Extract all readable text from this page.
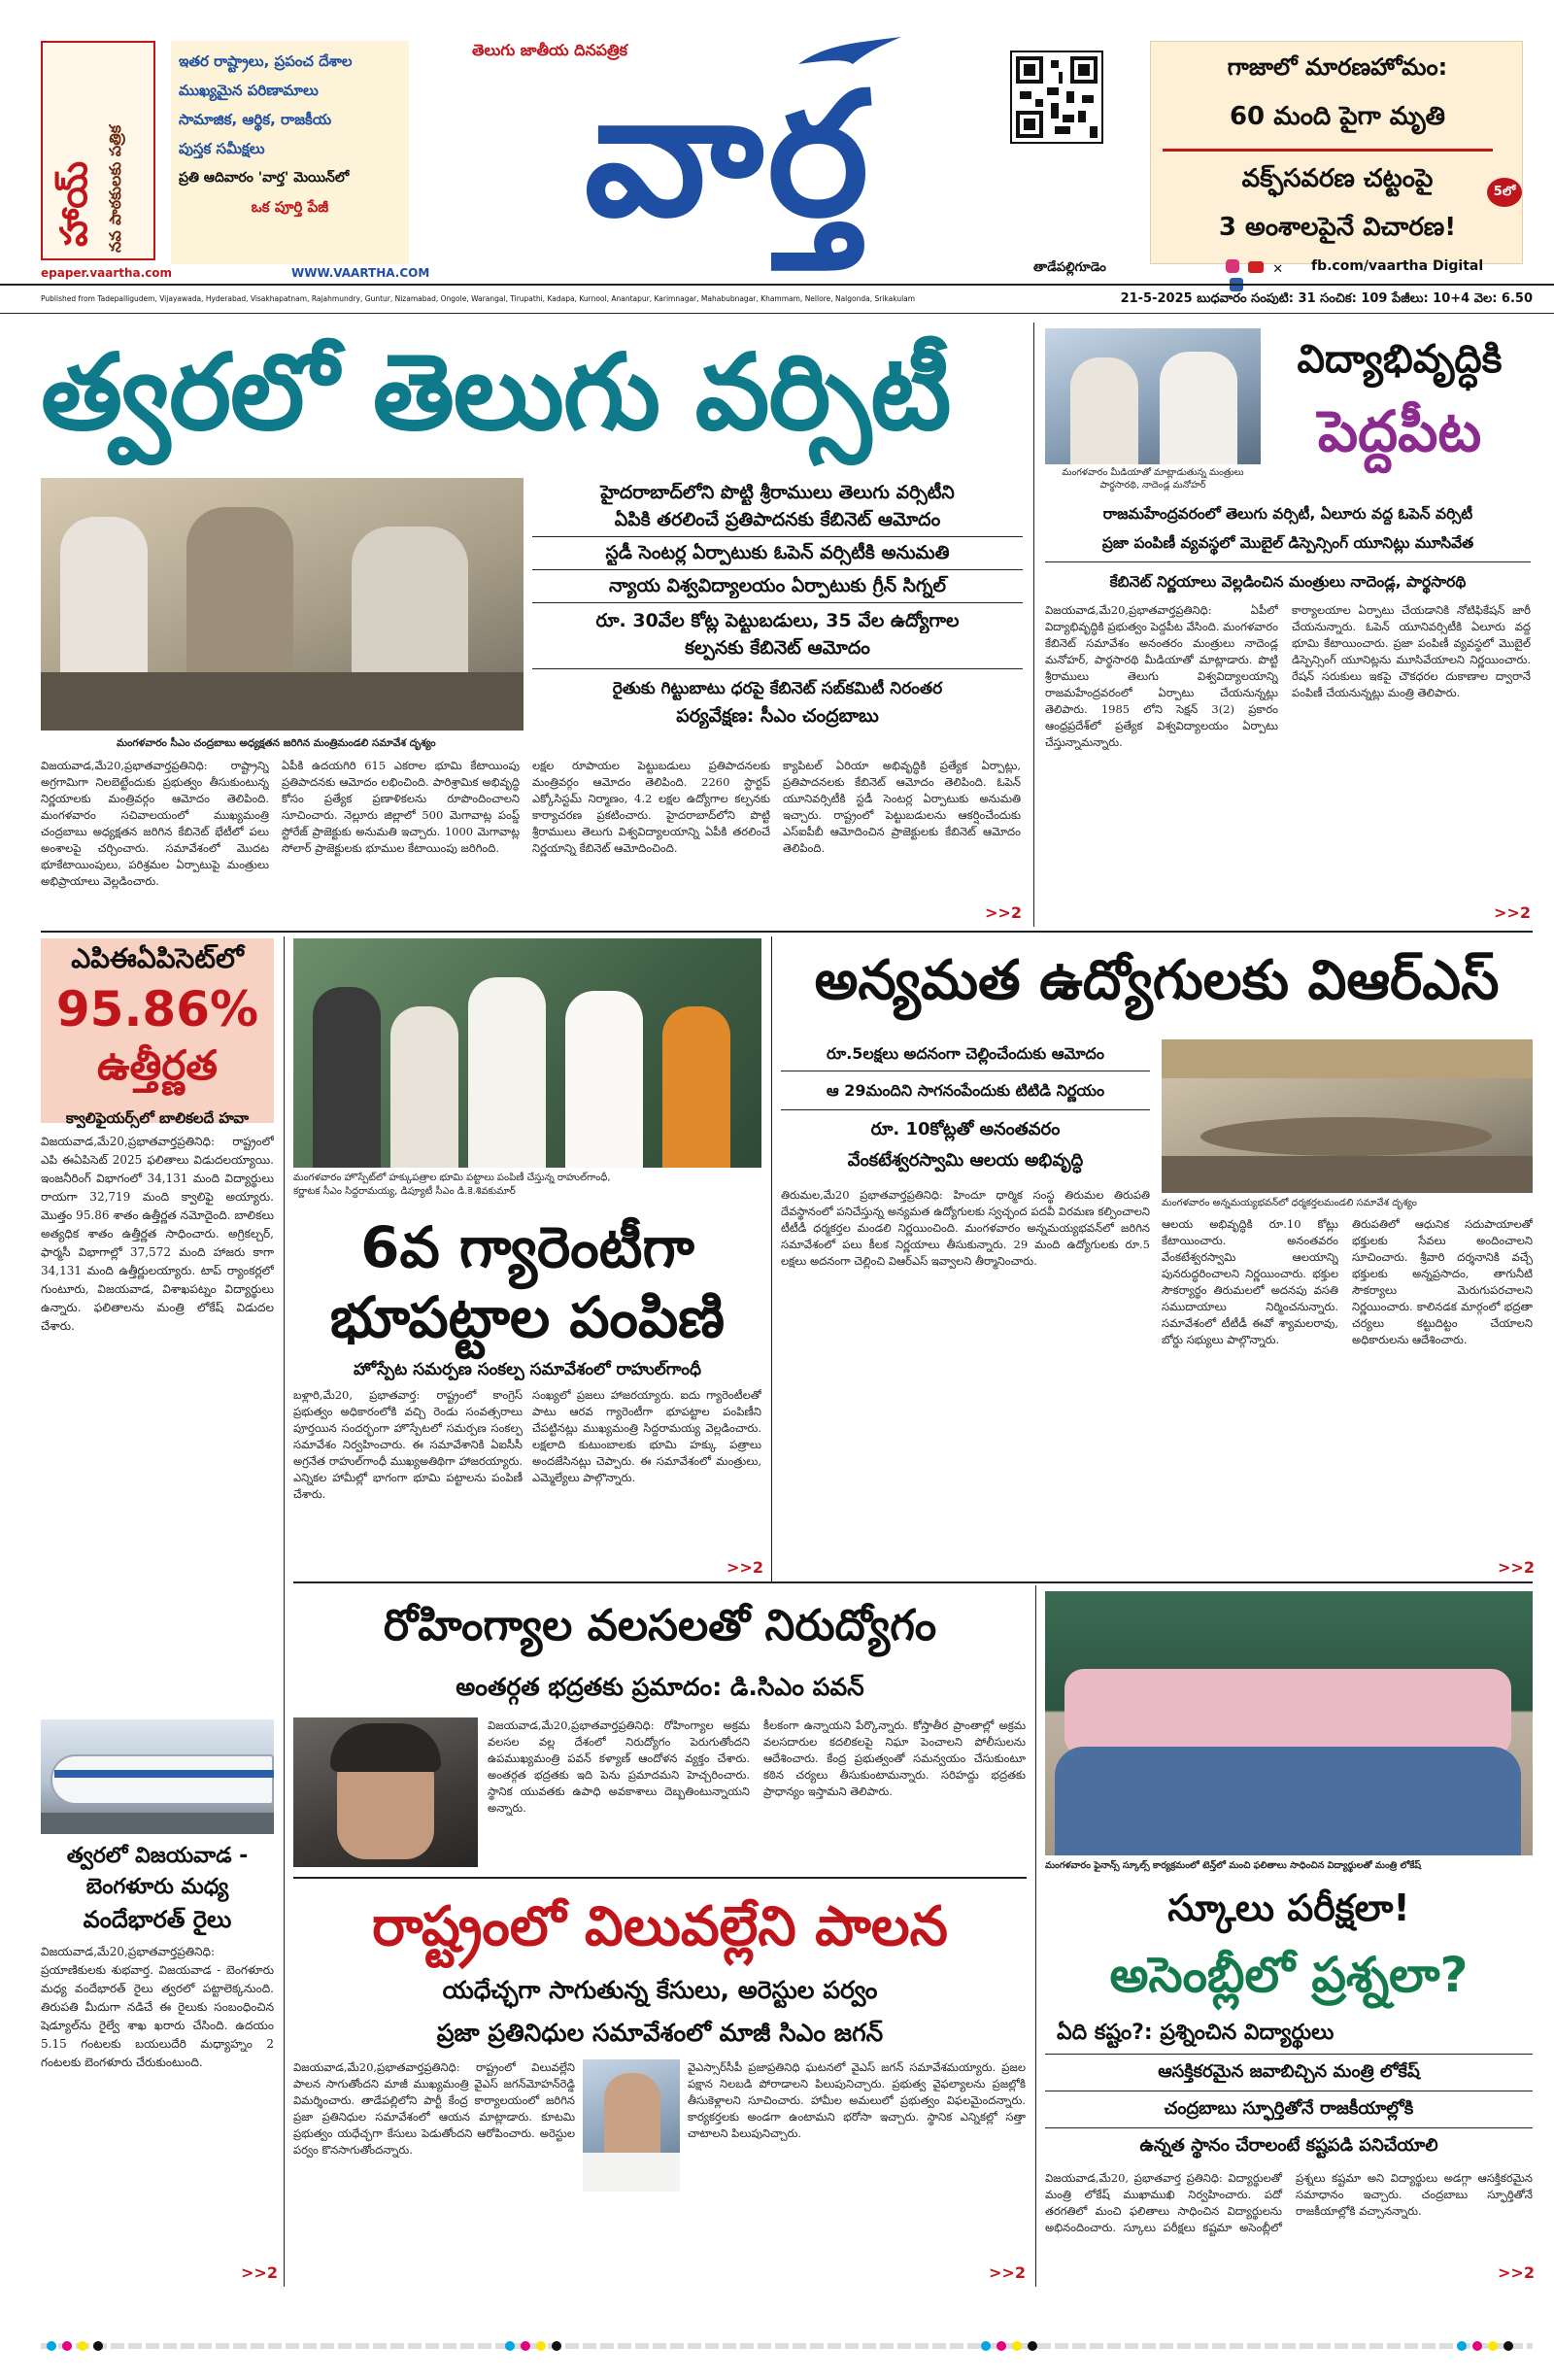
హాయ్‌ నవ పాఠకులకు పత్రిక
ఇతర రాష్ట్రాలు, ప్రపంచ దేశాల
ముఖ్యమైన పరిణామాలు
సామాజిక, ఆర్థిక, రాజకీయ
పుస్తక సమీక్షలు
ప్రతి ఆదివారం 'వార్త' మెయిన్‌లో
ఒక పూర్తి పేజీ
తెలుగు జాతీయ దినపత్రిక
వార్త	గాజాలో మారణహోమం:
60 మంది పైగా మృతి
5లో
వక్ఫ్‌సవరణ చట్టంపై
3 అంశాలపైనే విచారణ!
epaper.vaartha.com	WWW.VAARTHA.COM	తాడేపల్లిగూడెం	✕	fb.com/vaartha Digital
Published from Tadepalligudem, Vijayawada, Hyderabad, Visakhapatnam, Rajahmundry, Guntur, Nizamabad, Ongole, Warangal, Tirupathi, Kadapa, Kurnool, Anantapur, Karimnagar, Mahabubnagar, Khammam, Nellore, Nalgonda, Srikakulam	21-5-2025 బుధవారం సంపుటి: 31 సంచిక: 109 పేజీలు: 10+4 వెల: 6.50
త్వరలో తెలుగు వర్సిటీ
మంగళవారం సీఎం చంద్రబాబు అధ్యక్షతన జరిగిన మంత్రిమండలి సమావేశ దృశ్యం
హైదరాబాద్‌లోని పొట్టి శ్రీరాములు తెలుగు వర్సిటీని
ఏపికి తరలించే ప్రతిపాదనకు కేబినెట్‌ ఆమోదం
స్టడీ సెంటర్ల ఏర్పాటుకు ఓపెన్‌ వర్సిటీకి అనుమతి
న్యాయ విశ్వవిద్యాలయం ఏర్పాటుకు గ్రీన్‌ సిగ్నల్‌
రూ. 30వేల కోట్ల పెట్టుబడులు, 35 వేల ఉద్యోగాల
కల్పనకు కేబినెట్‌ ఆమోదం
రైతుకు గిట్టుబాటు ధరపై కేబినెట్‌ సబ్‌కమిటీ నిరంతర
పర్యవేక్షణ: సీఎం చంద్రబాబు
విజయవాడ,మే20,ప్రభాతవార్తప్రతినిధి: రాష్ట్రాన్ని అగ్రగామిగా నిలబెట్టేందుకు ప్రభుత్వం తీసుకుంటున్న నిర్ణయాలకు మంత్రివర్గం ఆమోదం తెలిపింది. మంగళవారం సచివాలయంలో ముఖ్యమంత్రి చంద్రబాబు అధ్యక్షతన జరిగిన కేబినెట్‌ భేటీలో పలు అంశాలపై చర్చించారు. సమావేశంలో మొదట భూకేటాయింపులు, పరిశ్రమల ఏర్పాటుపై మంత్రులు అభిప్రాయాలు వెల్లడించారు.
ఏపీకి ఉదయగిరి 615 ఎకరాల భూమి కేటాయింపు ప్రతిపాదనకు ఆమోదం లభించింది. పారిశ్రామిక అభివృద్ధి కోసం ప్రత్యేక ప్రణాళికలను రూపొందించాలని సూచించారు. నెల్లూరు జిల్లాలో 500 మెగావాట్ల పంప్డ్‌ స్టోరేజ్‌ ప్రాజెక్టుకు అనుమతి ఇచ్చారు. 1000 మెగావాట్ల సోలార్‌ ప్రాజెక్టులకు భూముల కేటాయింపు జరిగింది.
లక్షల రూపాయల పెట్టుబడులు ప్రతిపాదనలకు మంత్రివర్గం ఆమోదం తెలిపింది. 2260 స్టార్టప్‌ ఎక్కోసిస్టమ్‌ నిర్మాణం, 4.2 లక్షల ఉద్యోగాల కల్పనకు కార్యాచరణ ప్రకటించారు. హైదరాబాద్‌లోని పొట్టి శ్రీరాములు తెలుగు విశ్వవిద్యాలయాన్ని ఏపీకి తరలించే నిర్ణయాన్ని కేబినెట్‌ ఆమోదించింది.
క్యాపిటల్‌ ఏరియా అభివృద్ధికి ప్రత్యేక ఏర్పాట్లు, ప్రతిపాదనలకు కేబినెట్‌ ఆమోదం తెలిపింది. ఓపెన్‌ యూనివర్సిటీకి స్టడీ సెంటర్ల ఏర్పాటుకు అనుమతి ఇచ్చారు. రాష్ట్రంలో పెట్టుబడులను ఆకర్షించేందుకు ఎస్‌ఐపీబీ ఆమోదించిన ప్రాజెక్టులకు కేబినెట్‌ ఆమోదం తెలిపింది.
>>2
మంగళవారం మీడియాతో మాట్లాడుతున్న మంత్రులు పార్థసారథి, నాదెండ్ల మనోహర్‌
విద్యాభివృద్ధికి
పెద్దపీట
రాజమహేంద్రవరంలో తెలుగు వర్సిటీ, ఏలూరు వద్ద ఓపెన్‌ వర్సిటీ
ప్రజా పంపిణీ వ్యవస్థలో మొబైల్‌ డిస్పెన్సింగ్‌ యూనిట్లు మూసివేత
కేబినెట్‌ నిర్ణయాలు వెల్లడించిన మంత్రులు నాదెండ్ల, పార్థసారథి
విజయవాడ,మే20,ప్రభాతవార్తప్రతినిధి: ఏపీలో విద్యాభివృద్ధికి ప్రభుత్వం పెద్దపీట వేసింది. మంగళవారం కేబినెట్‌ సమావేశం అనంతరం మంత్రులు నాదెండ్ల మనోహర్‌, పార్థసారథి మీడియాతో మాట్లాడారు. పొట్టి శ్రీరాములు తెలుగు విశ్వవిద్యాలయాన్ని రాజమహేంద్రవరంలో ఏర్పాటు చేయనున్నట్లు తెలిపారు. 1985 లోని సెక్షన్‌ 3(2) ప్రకారం ఆంధ్రప్రదేశ్‌లో ప్రత్యేక విశ్వవిద్యాలయం ఏర్పాటు చేస్తున్నామన్నారు.
కార్యాలయాల ఏర్పాటు చేయడానికి నోటిఫికేషన్‌ జారీ చేయనున్నారు. ఓపెన్‌ యూనివర్సిటీకి ఏలూరు వద్ద భూమి కేటాయించారు. ప్రజా పంపిణీ వ్యవస్థలో మొబైల్‌ డిస్పెన్సింగ్‌ యూనిట్లను మూసివేయాలని నిర్ణయించారు. రేషన్‌ సరుకులు ఇకపై చౌకధరల దుకాణాల ద్వారానే పంపిణీ చేయనున్నట్లు మంత్రి తెలిపారు.
>>2
ఎపిఈఏపిసెట్‌లో
95.86%
ఉత్తీర్ణత
క్వాలిఫైయర్స్‌లో బాలికలదే హవా
విజయవాడ,మే20,ప్రభాతవార్తప్రతినిధి: రాష్ట్రంలో ఎపి ఈఏపిసెట్‌ 2025 ఫలితాలు విడుదలయ్యాయి. ఇంజనీరింగ్‌ విభాగంలో 34,131 మంది విద్యార్థులు రాయగా 32,719 మంది క్వాలిఫై అయ్యారు. మొత్తం 95.86 శాతం ఉత్తీర్ణత నమోదైంది. బాలికలు అత్యధిక శాతం ఉత్తీర్ణత సాధించారు. అగ్రికల్చర్‌, ఫార్మసీ విభాగాల్లో 37,572 మంది హాజరు కాగా 34,131 మంది ఉత్తీర్ణులయ్యారు. టాప్‌ ర్యాంకర్లలో గుంటూరు, విజయవాడ, విశాఖపట్నం విద్యార్థులు ఉన్నారు. ఫలితాలను మంత్రి లోకేష్‌ విడుదల చేశారు.
త్వరలో విజయవాడ -
బెంగళూరు మధ్య
వందేభారత్‌ రైలు
విజయవాడ,మే20,ప్రభాతవార్తప్రతినిధి: ప్రయాణికులకు శుభవార్త. విజయవాడ - బెంగళూరు మధ్య వందేభారత్‌ రైలు త్వరలో పట్టాలెక్కనుంది. తిరుపతి మీదుగా నడిచే ఈ రైలుకు సంబంధించిన షెడ్యూల్‌ను రైల్వే శాఖ ఖరారు చేసింది. ఉదయం 5.15 గంటలకు బయలుదేరి మధ్యాహ్నం 2 గంటలకు బెంగళూరు చేరుకుంటుంది.
>>2
మంగళవారం హొస్పేట్‌లో హక్కుపత్రాల భూమి పట్టాలు పంపిణీ చేస్తున్న రాహుల్‌గాంధీ,
కర్ణాటక సీఎం సిద్దరామయ్య, డిప్యూటీ సీఎం డి.కె.శివకుమార్‌
6వ గ్యారెంటీగా
భూపట్టాల పంపిణి
హోస్పేట సమర్పణ సంకల్ప సమావేశంలో రాహుల్‌గాంధీ
బళ్లారి,మే20, ప్రభాతవార్త: రాష్ట్రంలో కాంగ్రెస్‌ ప్రభుత్వం అధికారంలోకి వచ్చి రెండు సంవత్సరాలు పూర్తయిన సందర్భంగా హొస్పేటలో సమర్పణ సంకల్ప సమావేశం నిర్వహించారు. ఈ సమావేశానికి ఏఐసీసీ అగ్రనేత రాహుల్‌గాంధీ ముఖ్యఅతిథిగా హాజరయ్యారు. ఎన్నికల హామీల్లో భాగంగా భూమి పట్టాలను పంపిణీ చేశారు.
సంఖ్యలో ప్రజలు హాజరయ్యారు. ఐదు గ్యారెంటీలతో పాటు ఆరవ గ్యారెంటీగా భూపట్టాల పంపిణీని చేపట్టినట్లు ముఖ్యమంత్రి సిద్దరామయ్య వెల్లడించారు. లక్షలాది కుటుంబాలకు భూమి హక్కు పత్రాలు అందజేసినట్లు చెప్పారు. ఈ సమావేశంలో మంత్రులు, ఎమ్మెల్యేలు పాల్గొన్నారు.
>>2
అన్యమత ఉద్యోగులకు విఆర్‌ఎస్‌
రూ.5లక్షలు అదనంగా చెల్లించేందుకు ఆమోదం
ఆ 29మందిని సాగనంపేందుకు టిటిడి నిర్ణయం
రూ. 10కోట్లతో అనంతవరం
వేంకటేశ్వరస్వామి ఆలయ అభివృద్ధి
మంగళవారం అన్నమయ్యభవన్‌లో ధర్మకర్తలమండలి సమావేశ దృశ్యం
తిరుమల,మే20 ప్రభాతవార్తప్రతినిధి: హిందూ ధార్మిక సంస్థ తిరుమల తిరుపతి దేవస్థానంలో పనిచేస్తున్న అన్యమత ఉద్యోగులకు స్వచ్ఛంద పదవీ విరమణ కల్పించాలని టీటీడీ ధర్మకర్తల మండలి నిర్ణయించింది. మంగళవారం అన్నమయ్యభవన్‌లో జరిగిన సమావేశంలో పలు కీలక నిర్ణయాలు తీసుకున్నారు. 29 మంది ఉద్యోగులకు రూ.5 లక్షలు అదనంగా చెల్లించి విఆర్‌ఎస్‌ ఇవ్వాలని తీర్మానించారు.
ఆలయ అభివృద్ధికి రూ.10 కోట్లు కేటాయించారు. అనంతవరం వేంకటేశ్వరస్వామి ఆలయాన్ని పునరుద్ధరించాలని నిర్ణయించారు. భక్తుల సౌకర్యార్థం తిరుమలలో అదనపు వసతి సముదాయాలు నిర్మించనున్నారు. సమావేశంలో టీటీడీ ఈవో శ్యామలరావు, బోర్డు సభ్యులు పాల్గొన్నారు.
తిరుపతిలో ఆధునిక సదుపాయాలతో భక్తులకు సేవలు అందించాలని సూచించారు. శ్రీవారి దర్శనానికి వచ్చే భక్తులకు అన్నప్రసాదం, తాగునీటి సౌకర్యాలు మెరుగుపరచాలని నిర్ణయించారు. కాలినడక మార్గంలో భద్రతా చర్యలు కట్టుదిట్టం చేయాలని అధికారులను ఆదేశించారు.
>>2
రోహింగ్యాల వలసలతో నిరుద్యోగం
అంతర్గత భద్రతకు ప్రమాదం: డి.సిఎం పవన్‌
విజయవాడ,మే20,ప్రభాతవార్తప్రతినిధి: రోహింగ్యాల అక్రమ వలసల వల్ల దేశంలో నిరుద్యోగం పెరుగుతోందని ఉపముఖ్యమంత్రి పవన్‌ కళ్యాణ్‌ ఆందోళన వ్యక్తం చేశారు. అంతర్గత భద్రతకు ఇది పెను ప్రమాదమని హెచ్చరించారు. స్థానిక యువతకు ఉపాధి అవకాశాలు దెబ్బతింటున్నాయని అన్నారు.
కీలకంగా ఉన్నాయని పేర్కొన్నారు. కోస్తాతీర ప్రాంతాల్లో అక్రమ వలసదారుల కదలికలపై నిఘా పెంచాలని పోలీసులను ఆదేశించారు. కేంద్ర ప్రభుత్వంతో సమన్వయం చేసుకుంటూ కఠిన చర్యలు తీసుకుంటామన్నారు. సరిహద్దు భద్రతకు ప్రాధాన్యం ఇస్తామని తెలిపారు.
రాష్ట్రంలో విలువల్లేని పాలన
యధేచ్ఛగా సాగుతున్న కేసులు, అరెస్టుల పర్వం
ప్రజా ప్రతినిధుల సమావేశంలో మాజీ సిఎం జగన్‌
విజయవాడ,మే20,ప్రభాతవార్తప్రతినిధి: రాష్ట్రంలో విలువల్లేని పాలన సాగుతోందని మాజీ ముఖ్యమంత్రి వైఎస్‌ జగన్‌మోహన్‌రెడ్డి విమర్శించారు. తాడేపల్లిలోని పార్టీ కేంద్ర కార్యాలయంలో జరిగిన ప్రజా ప్రతినిధుల సమావేశంలో ఆయన మాట్లాడారు. కూటమి ప్రభుత్వం యధేచ్ఛగా కేసులు పెడుతోందని ఆరోపించారు. అరెస్టుల పర్వం కొనసాగుతోందన్నారు.
వైఎస్సార్‌సీపీ ప్రజాప్రతినిధి ఘటనలో వైఎస్‌ జగన్‌ సమావేశమయ్యారు. ప్రజల పక్షాన నిలబడి పోరాడాలని పిలుపునిచ్చారు. ప్రభుత్వ వైఫల్యాలను ప్రజల్లోకి తీసుకెళ్లాలని సూచించారు. హామీల అమలులో ప్రభుత్వం విఫలమైందన్నారు. కార్యకర్తలకు అండగా ఉంటామని భరోసా ఇచ్చారు. స్థానిక ఎన్నికల్లో సత్తా చాటాలని పిలుపునిచ్చారు.
>>2
మంగళవారం ఫైనాన్స్‌ స్కూల్స్‌ కార్యక్రమంలో టెన్త్‌లో మంచి ఫలితాలు సాధించిన విద్యార్థులతో మంత్రి లోకేష్‌
స్కూలు పరీక్షలా!
అసెంబ్లీలో ప్రశ్నలా?
ఏది కష్టం?: ప్రశ్నించిన విద్యార్థులు
ఆసక్తికరమైన జవాబిచ్చిన మంత్రి లోకేష్‌
చంద్రబాబు స్ఫూర్తితోనే రాజకీయాల్లోకి
ఉన్నత స్థానం చేరాలంటే కష్టపడి పనిచేయాలి
విజయవాడ,మే20, ప్రభాతవార్త ప్రతినిధి: విద్యార్థులతో మంత్రి లోకేష్‌ ముఖాముఖి నిర్వహించారు. పదో తరగతిలో మంచి ఫలితాలు సాధించిన విద్యార్థులను అభినందించారు. స్కూలు పరీక్షలు కష్టమా అసెంబ్లీలో ప్రశ్నలు కష్టమా అని విద్యార్థులు అడగ్గా ఆసక్తికరమైన సమాధానం ఇచ్చారు. చంద్రబాబు స్ఫూర్తితోనే రాజకీయాల్లోకి వచ్చానన్నారు.
>>2
